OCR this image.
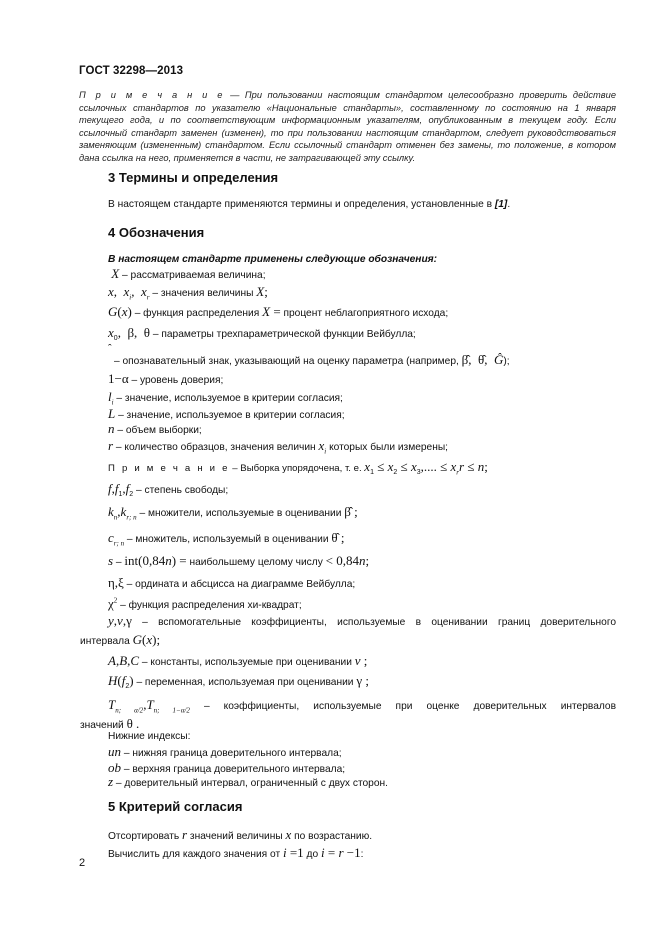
ГОСТ 32298—2013
П р и м е ч а н и е — При пользовании настоящим стандартом целесообразно проверить действие ссылочных стандартов по указателю «Национальные стандарты», составленному по состоянию на 1 января текущего года, и по соответствующим информационным указателям, опубликованным в текущем году. Если ссылочный стандарт заменен (изменен), то при пользовании настоящим стандартом, следует руководствоваться заменяющим (измененным) стандартом. Если ссылочный стандарт отменен без замены, то положение, в котором дана ссылка на него, применяется в части, не затрагивающей эту ссылку.
3 Термины и определения
В настоящем стандарте применяются термины и определения, установленные в [1].
4 Обозначения
В настоящем стандарте применены следующие обозначения:
X – рассматриваемая величина;
x,  $x_i$,  $x_r$ – значения величины X;
G(x) – функция распределения X = процент неблагоприятного исхода;
$x_0$,  β,  θ – параметры трехпараметрической функции Вейбулла;
ˆ
– опознавательный знак, указывающий на оценку параметра (например, β̂,  θ̂,  Ĝ);
1−α – уровень доверия;
$l_i$ – значение, используемое в критерии согласия;
L – значение, используемое в критерии согласия;
n – объем выборки;
r – количество образцов, значения величин $x_i$ которых были измерены;
П р и м е ч а н и е – Выборка упорядочена, т. е. $x_1 \le x_2 \le x_3$,.... ≤ $x_rr \le n$;
$f,f_1,f_2$ – степень свободы;
$k_n,k_{r; n}$ – множители, используемые в оценивании β̂ ;
$c_{r; n}$ – множитель, используемый в оценивании θ̂ ;
s – int(0,84n) = наибольшему целому числу < 0,84n;
η,ξ – ордината и абсцисса на диаграмме Вейбулла;
$\chi^2$ – функция распределения хи-квадрат;
y,v,γ – вспомогательные коэффициенты, используемые в оценивании границ доверительного
интервала G(x);
A,B,C – константы, используемые при оценивании v ;
$H(f_2)$ – переменная, используемая при оценивании γ ;
$T_{n; \alpha/2},T_{n; 1-\alpha/2}$ – коэффициенты, используемые при оценке доверительных интервалов
значений θ .
Нижние индексы:
un – нижняя граница доверительного интервала;
ob – верхняя граница доверительного интервала;
z – доверительный интервал, ограниченный с двух сторон.
5 Критерий согласия
Отсортировать r значений величины x по возрастанию.
Вычислить для каждого значения от i =1 до i = r −1:
2
